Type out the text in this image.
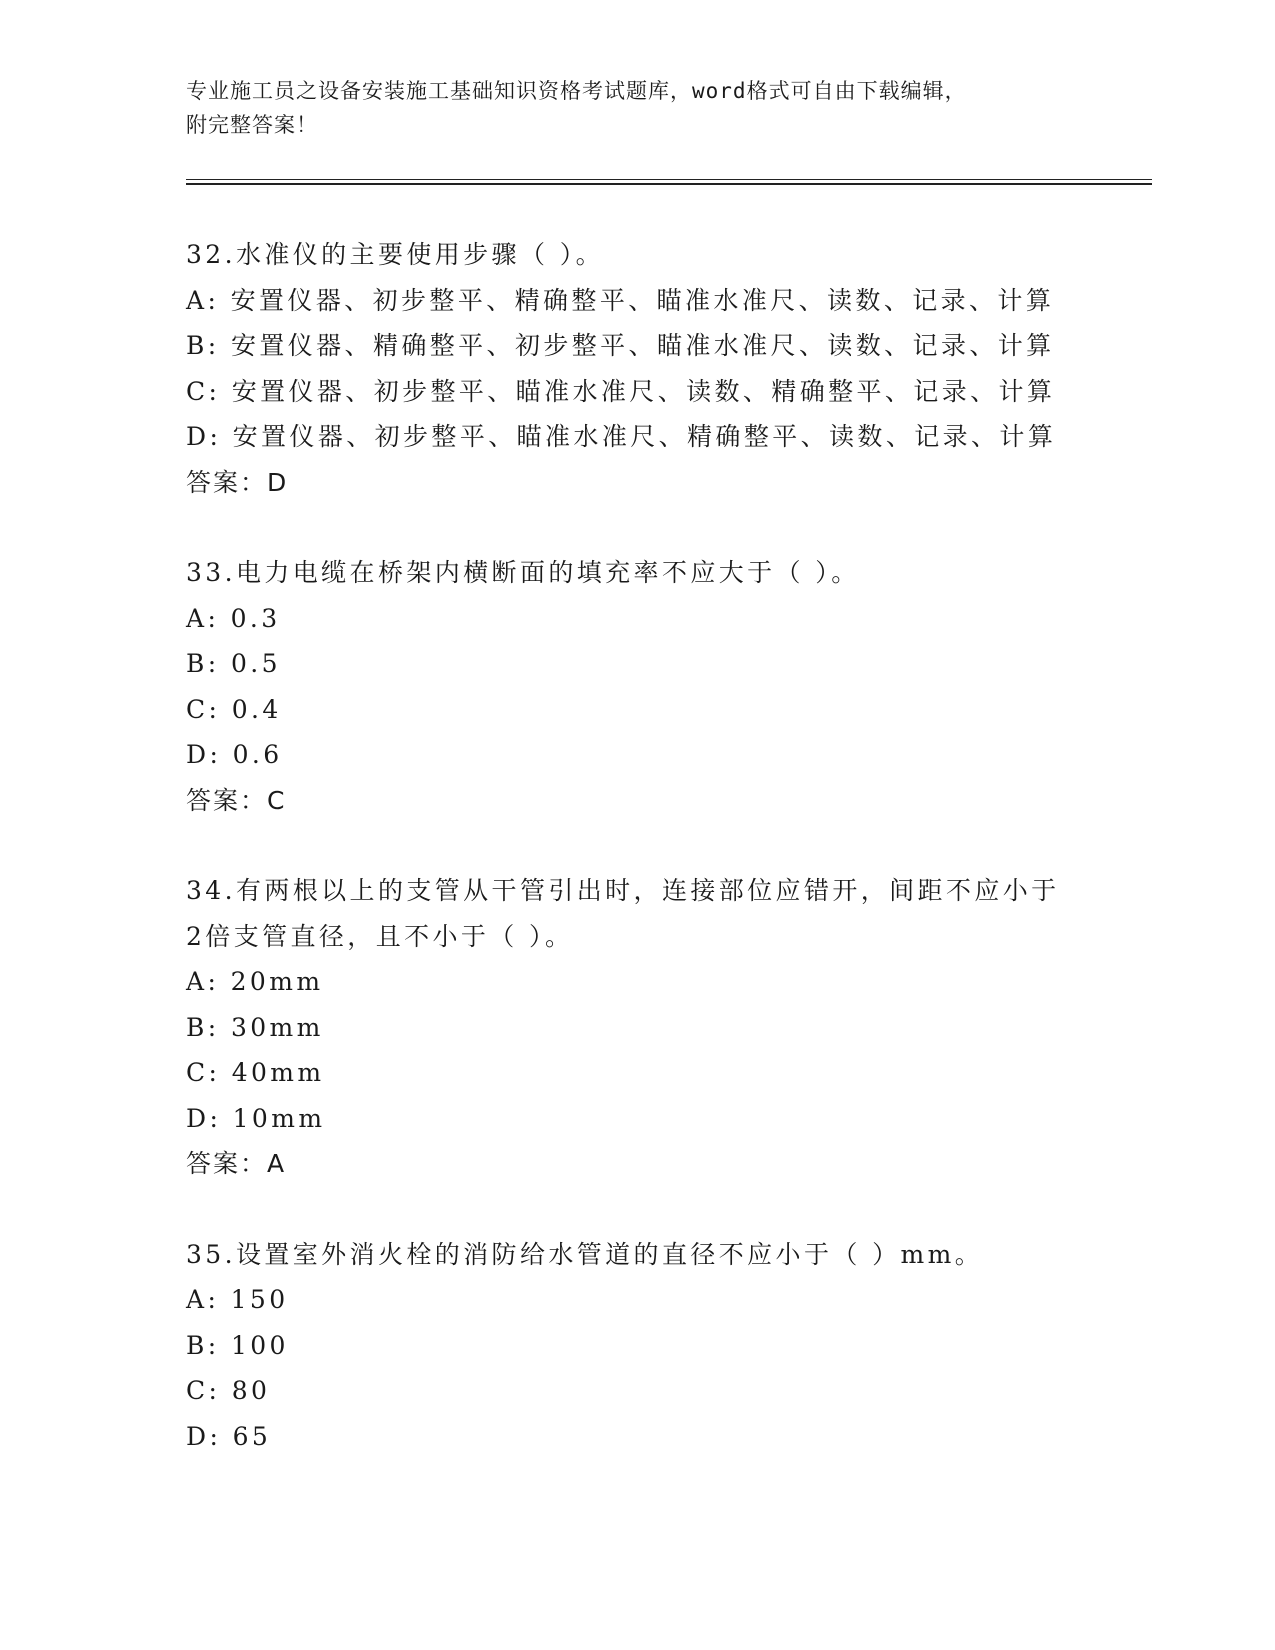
专业施工员之设备安装施工基础知识资格考试题库，word格式可自由下载编辑，
附完整答案！
32.水准仪的主要使用步骤（ ）。
A: 安置仪器、初步整平、精确整平、瞄准水准尺、读数、记录、计算
B: 安置仪器、精确整平、初步整平、瞄准水准尺、读数、记录、计算
C: 安置仪器、初步整平、瞄准水准尺、读数、精确整平、记录、计算
D: 安置仪器、初步整平、瞄准水准尺、精确整平、读数、记录、计算
答案：D
33.电力电缆在桥架内横断面的填充率不应大于（ ）。
A: 0.3
B: 0.5
C: 0.4
D: 0.6
答案：C
34.有两根以上的支管从干管引出时，连接部位应错开，间距不应小于
2倍支管直径，且不小于（ ）。
A: 20mm
B: 30mm
C: 40mm
D: 10mm
答案：A
35.设置室外消火栓的消防给水管道的直径不应小于（ ）mm。
A: 150
B: 100
C: 80
D: 65
